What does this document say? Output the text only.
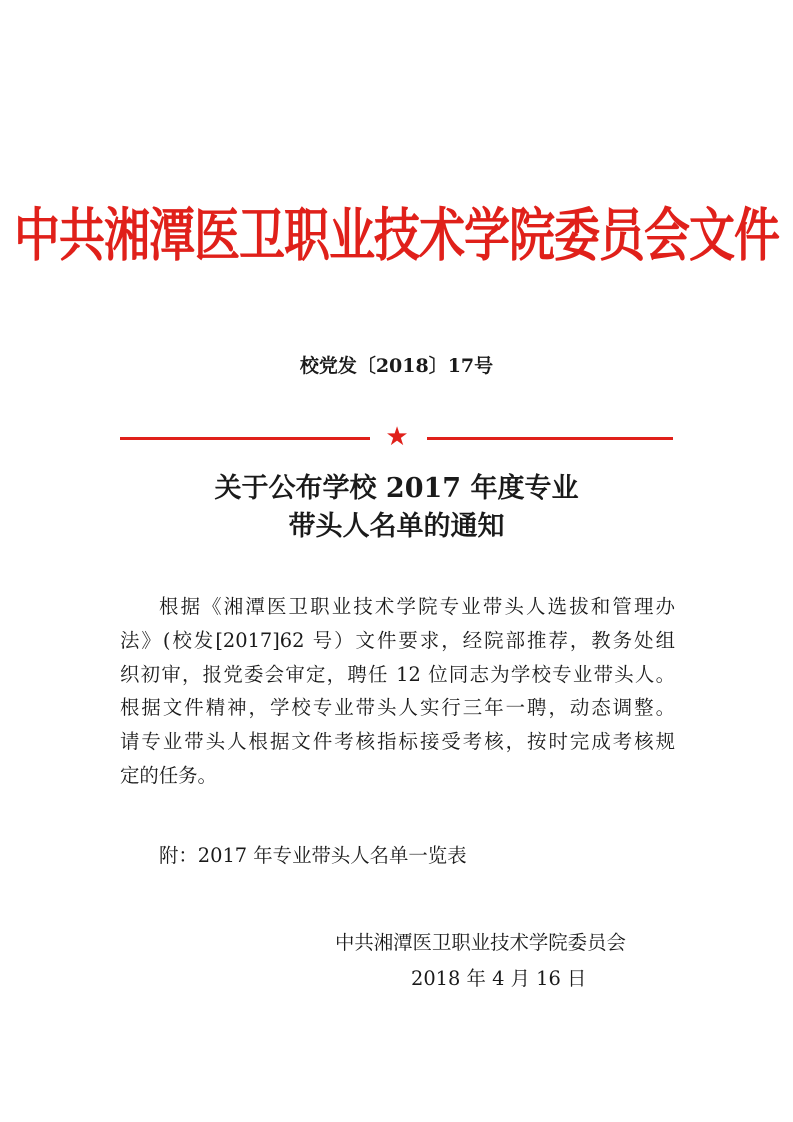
中共湘潭医卫职业技术学院委员会文件
校党发〔2018〕17号
★
关于公布学校 2017 年度专业
带头人名单的通知
根据《湘潭医卫职业技术学院专业带头人选拔和管理办
法》(校发[2017]62 号）文件要求，经院部推荐，教务处组
织初审，报党委会审定，聘任 12 位同志为学校专业带头人。
根据文件精神，学校专业带头人实行三年一聘，动态调整。
请专业带头人根据文件考核指标接受考核，按时完成考核规
定的任务。
附：2017 年专业带头人名单一览表
中共湘潭医卫职业技术学院委员会
2018 年 4 月 16 日
